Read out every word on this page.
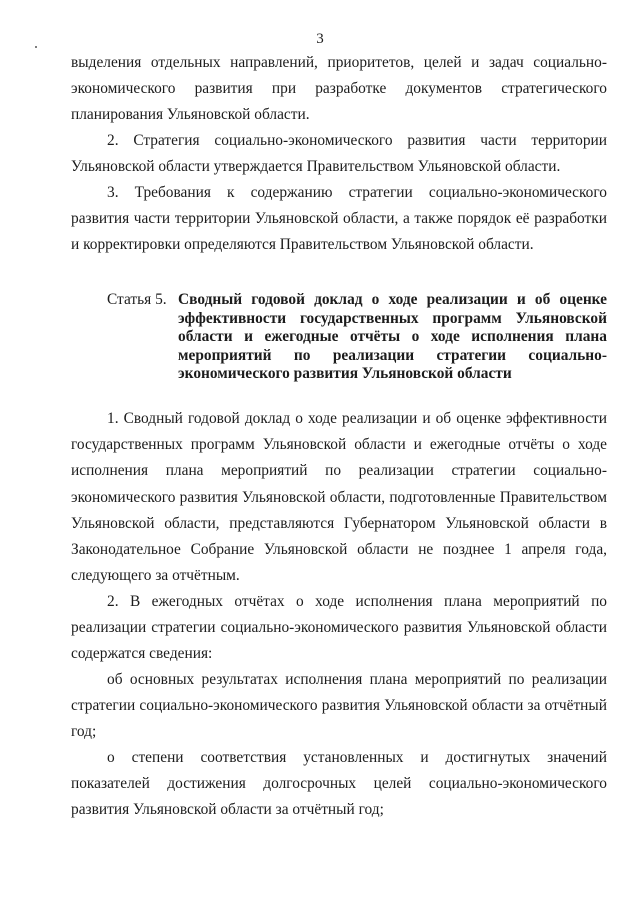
3

выделения отдельных направлений, приоритетов, целей и задач социально-экономического развития при разработке документов стратегического планирования Ульяновской области.

2. Стратегия социально-экономического развития части территории Ульяновской области утверждается Правительством Ульяновской области.

3. Требования к содержанию стратегии социально-экономического развития части территории Ульяновской области, а также порядок её разработки и корректировки определяются Правительством Ульяновской области.

Статья 5. Сводный годовой доклад о ходе реализации и об оценке эффективности государственных программ Ульяновской области и ежегодные отчёты о ходе исполнения плана мероприятий по реализации стратегии социально-экономического развития Ульяновской области

1. Сводный годовой доклад о ходе реализации и об оценке эффективности государственных программ Ульяновской области и ежегодные отчёты о ходе исполнения плана мероприятий по реализации стратегии социально-экономического развития Ульяновской области, подготовленные Правительством Ульяновской области, представляются Губернатором Ульяновской области в Законодательное Собрание Ульяновской области не позднее 1 апреля года, следующего за отчётным.

2. В ежегодных отчётах о ходе исполнения плана мероприятий по реализации стратегии социально-экономического развития Ульяновской области содержатся сведения:

об основных результатах исполнения плана мероприятий по реализации стратегии социально-экономического развития Ульяновской области за отчётный год;

о степени соответствия установленных и достигнутых значений показателей достижения долгосрочных целей социально-экономического развития Ульяновской области за отчётный год;
